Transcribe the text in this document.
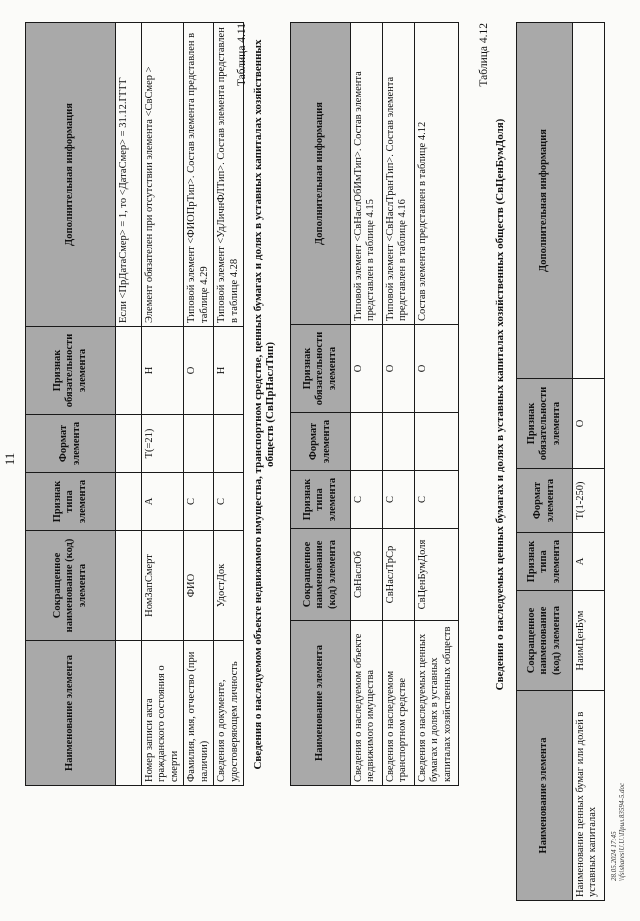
11
Наименование элемента	Сокращенное наименование (код) элемента	Признак типа элемента	Формат элемента	Признак обязательности элемента	Дополнительная информация
					Если <ПрДатаСмер> = 1, то <ДатаСмер> = 31.12.ГГГГ
Номер записи акта гражданского состояния о смерти	НомЗапСмерт	А	T(=21)	Н	Элемент обязателен при отсутствии элемента <СвСмер >
Фамилия, имя, отчество (при наличии)	ФИО	С		О	Типовой элемент <ФИОПрТип>. Состав элемента представлен в таблице 4.29
Сведения о документе, удостоверяющем личность	УдостДок	С		Н	Типовой элемент <УдЛичнФЛТип>. Состав элемента представлен в таблице 4.28
Таблица 4.11 Сведения о наследуемом объекте недвижимого имущества, транспортном средстве, ценных бумагах и долях в уставных капиталах хозяйственных обществ (СвПрНаслТип)
Наименование элемента	Сокращенное наименование (код) элемента	Признак типа элемента	Формат элемента	Признак обязательности элемента	Дополнительная информация
Сведения о наследуемом объекте недвижимого имущества	СвНаслОб	С		О	Типовой элемент <СвНаслОбИмТип>. Состав элемента представлен в таблице 4.15
Сведения о наследуемом транспортном средстве	СвНаслТрСр	С		О	Типовой элемент <СвНаслТранТип>. Состав элемента представлен в таблице 4.16
Сведения о наследуемых ценных бумагах и долях в уставных капиталах хозяйственных обществ	СвЦенБумДоля	С		О	Состав элемента представлен в таблице 4.12
Таблица 4.12
Сведения о наследуемых ценных бумагах и долях в уставных капиталах хозяйственных обществ (СвЦенБумДоля)
Наименование элемента	Сокращенное наименование (код) элемента	Признак типа элемента	Формат элемента	Признак обязательности элемента	Дополнительная информация
Наименование ценных бумаг или долей в уставных капиталах	НаимЦенБум	А	T(1-250)	О	
28.05.2024 17:45 \\fs\shares\U.U.\Прил.83594-5.doc
